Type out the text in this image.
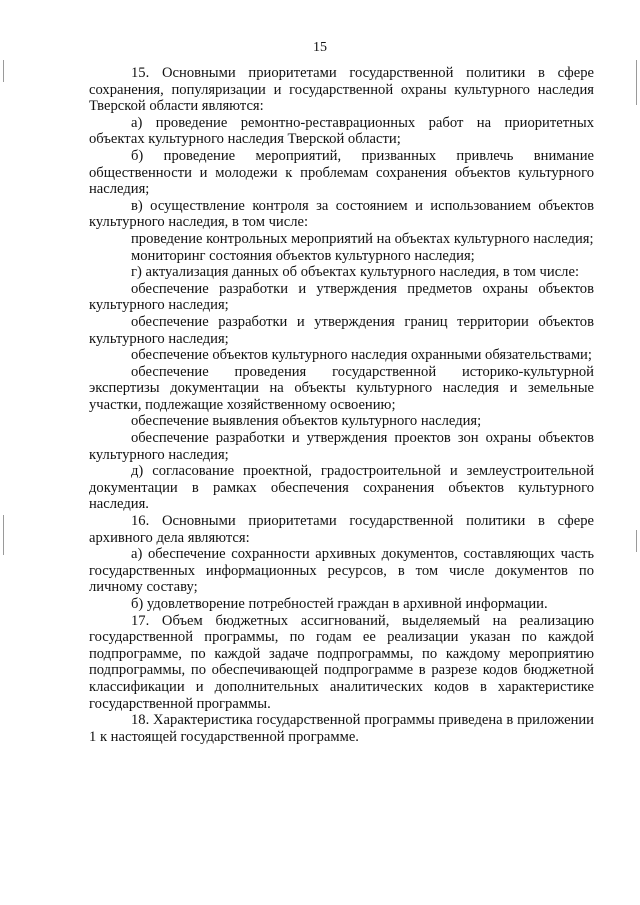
15

15. Основными приоритетами государственной политики в сфере сохранения, популяризации и государственной охраны культурного наследия Тверской области являются:

а) проведение ремонтно-реставрационных работ на приоритетных объектах культурного наследия Тверской области;

б) проведение мероприятий, призванных привлечь внимание общественности и молодежи к проблемам сохранения объектов культурного наследия;

в) осуществление контроля за состоянием и использованием объектов культурного наследия, в том числе:

проведение контрольных мероприятий на объектах культурного наследия;

мониторинг состояния объектов культурного наследия;

г) актуализация данных об объектах культурного наследия, в том числе:

обеспечение разработки и утверждения предметов охраны объектов культурного наследия;

обеспечение разработки и утверждения границ территории объектов культурного наследия;

обеспечение объектов культурного наследия охранными обязательствами;

обеспечение проведения государственной историко-культурной экспертизы документации на объекты культурного наследия и земельные участки, подлежащие хозяйственному освоению;

обеспечение выявления объектов культурного наследия;

обеспечение разработки и утверждения проектов зон охраны объектов культурного наследия;

д) согласование проектной, градостроительной и землеустроительной документации в рамках обеспечения сохранения объектов культурного наследия.

16. Основными приоритетами государственной политики в сфере архивного дела являются:

а) обеспечение сохранности архивных документов, составляющих часть государственных информационных ресурсов, в том числе документов по личному составу;

б) удовлетворение потребностей граждан в архивной информации.

17. Объем бюджетных ассигнований, выделяемый на реализацию государственной программы, по годам ее реализации указан по каждой подпрограмме, по каждой задаче подпрограммы, по каждому мероприятию подпрограммы, по обеспечивающей подпрограмме в разрезе кодов бюджетной классификации и дополнительных аналитических кодов в характеристике государственной программы.

18. Характеристика государственной программы приведена в приложении 1 к настоящей государственной программе.
